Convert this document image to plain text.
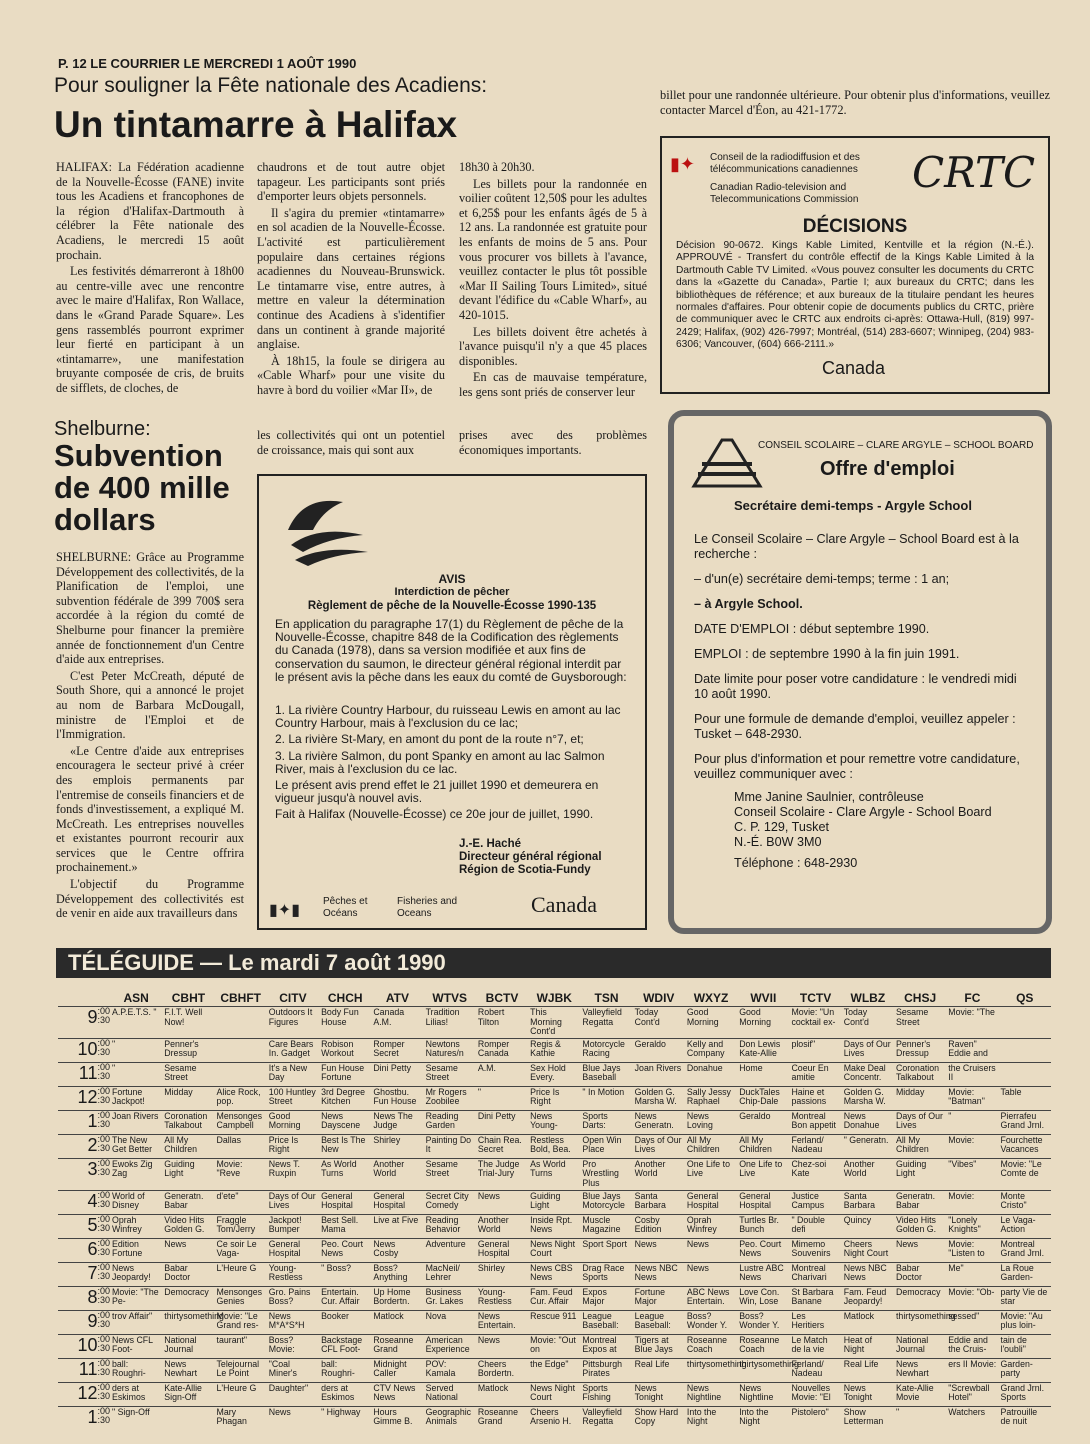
P. 12 LE COURRIER LE MERCREDI 1 AOÛT 1990
Pour souligner la Fête nationale des Acadiens:
Un tintamarre à Halifax

HALIFAX: La Fédération acadienne de la Nouvelle-Écosse (FANE) invite tous les Acadiens et francophones de la région d'Halifax-Dartmouth à célébrer la Fête nationale des Acadiens, le mercredi 15 août prochain.

Les festivités démarreront à 18h00 au centre-ville avec une rencontre avec le maire d'Halifax, Ron Wallace, dans le «Grand Parade Square». Les gens rassemblés pourront exprimer leur fierté en participant à un «tintamarre», une manifestation bruyante composée de cris, de bruits de sifflets, de cloches, de

chaudrons et de tout autre objet tapageur. Les participants sont priés d'emporter leurs objets personnels.

Il s'agira du premier «tintamarre» en sol acadien de la Nouvelle-Écosse. L'activité est particulièrement populaire dans certaines régions acadiennes du Nouveau-Brunswick. Le tintamarre vise, entre autres, à mettre en valeur la détermination continue des Acadiens à s'identifier dans un continent à grande majorité anglaise.

À 18h15, la foule se dirigera au «Cable Wharf» pour une visite du havre à bord du voilier «Mar II», de

18h30 à 20h30.

Les billets pour la randonnée en voilier coûtent 12,50$ pour les adultes et 6,25$ pour les enfants âgés de 5 à 12 ans. La randonnée est gratuite pour les enfants de moins de 5 ans. Pour vous procurer vos billets à l'avance, veuillez contacter le plus tôt possible «Mar II Sailing Tours Limited», situé devant l'édifice du «Cable Wharf», au 420-1015.

Les billets doivent être achetés à l'avance puisqu'il n'y a que 45 places disponibles.

En cas de mauvaise température, les gens sont priés de conserver leur

billet pour une randonnée ultérieure. Pour obtenir plus d'informations, veuillez contacter Marcel d'Éon, au 421-1772.
▮✦ Conseil de la radiodiffusion et des télécommunications canadiennes
Canadian Radio-television and Telecommunications Commission
CRTC
DÉCISIONS
Décision 90-0672. Kings Kable Limited, Kentville et la région (N.-É.). APPROUVÉ - Transfert du contrôle effectif de la Kings Kable Limited à la Dartmouth Cable TV Limited. «Vous pouvez consulter les documents du CRTC dans la «Gazette du Canada», Partie I; aux bureaux du CRTC; dans les bibliothèques de référence; et aux bureaux de la titulaire pendant les heures normales d'affaires. Pour obtenir copie de documents publics du CRTC, prière de communiquer avec le CRTC aux endroits ci-après: Ottawa-Hull, (819) 997-2429; Halifax, (902) 426-7997; Montréal, (514) 283-6607; Winnipeg, (204) 983-6306; Vancouver, (604) 666-2111.»
Canada
Shelburne:
Subvention
de 400 mille
dollars

SHELBURNE: Grâce au Programme Développement des collectivités, de la Planification de l'emploi, une subvention fédérale de 399 700$ sera accordée à la région du comté de Shelburne pour financer la première année de fonctionnement d'un Centre d'aide aux entreprises.

C'est Peter McCreath, député de South Shore, qui a annoncé le projet au nom de Barbara McDougall, ministre de l'Emploi et de l'Immigration.

«Le Centre d'aide aux entreprises encouragera le secteur privé à créer des emplois permanents par l'entremise de conseils financiers et de fonds d'investissement, a expliqué M. McCreath. Les entreprises nouvelles et existantes pourront recourir aux services que le Centre offrira prochainement.»

L'objectif du Programme Développement des collectivités est de venir en aide aux travailleurs dans

les collectivités qui ont un potentiel de croissance, mais qui sont aux
prises avec des problèmes économiques importants.
AVIS
Interdiction de pêcher
Règlement de pêche de la Nouvelle-Écosse 1990-135
En application du paragraphe 17(1) du Règlement de pêche de la Nouvelle-Écosse, chapitre 848 de la Codification des règlements du Canada (1978), dans sa version modifiée et aux fins de conservation du saumon, le directeur général régional interdit par le présent avis la pêche dans les eaux du comté de Guysborough:
1. La rivière Country Harbour, du ruisseau Lewis en amont au lac Country Harbour, mais à l'exclusion du ce lac;
2. La rivière St-Mary, en amont du pont de la route n°7, et;
3. La rivière Salmon, du pont Spanky en amont au lac Salmon River, mais à l'exclusion du ce lac.
Le présent avis prend effet le 21 juillet 1990 et demeurera en vigueur jusqu'à nouvel avis.
Fait à Halifax (Nouvelle-Écosse) ce 20e jour de juillet, 1990.
J.-E. Haché
Directeur général régional
Région de Scotia-Fundy
▮✦▮
Pêches et Océans
Fisheries and Oceans	Canada
CONSEIL SCOLAIRE – CLARE ARGYLE – SCHOOL BOARD
Offre d'emploi
Secrétaire demi-temps - Argyle School
Le Conseil Scolaire – Clare Argyle – School Board est à la recherche :
– d'un(e) secrétaire demi-temps; terme : 1 an;
– à Argyle School.
DATE D'EMPLOI : début septembre 1990.
EMPLOI : de septembre 1990 à la fin juin 1991.
Date limite pour poser votre candidature : le vendredi midi 10 août 1990.
Pour une formule de demande d'emploi, veuillez appeler : Tusket – 648-2930.
Pour plus d'information et pour remettre votre candidature, veuillez communiquer avec :
Mme Janine Saulnier, contrôleuse
Conseil Scolaire - Clare Argyle - School Board
C. P. 129, Tusket
N.-É. B0W 3M0
Téléphone : 648-2930
TÉLÉGUIDE — Le mardi 7 août 1990
	ASN	CBHT	CBHFT	CITV	CHCH	ATV	WTVS	BCTV	WJBK	TSN	WDIV	WXYZ	WVII	TCTV	WLBZ	CHSJ	FC	QS
9:00
:30	A.P.E.T.S. "	F.I.T. Well Now!		Outdoors It Figures	Body Fun House	Canada A.M.	Tradition Lilias!	Robert Tilton	This Morning Cont'd	Valleyfield Regatta	Today Cont'd	Good Morning	Good Morning	Movie: "Un cocktail ex-	Today Cont'd	Sesame Street	Movie: "The	
10:00
:30	"	Penner's Dressup		Care Bears In. Gadget	Robison Workout	Romper Secret	Newtons Natures/n	Romper Canada	Regis & Kathie	Motorcycle Racing	Geraldo	Kelly and Company	Don Lewis Kate-Allie	plosif"	Days of Our Lives	Penner's Dressup	Raven" Eddie and	
11:00
:30	"	Sesame Street		It's a New Day	Fun House Fortune	Dini Petty	Sesame Street	A.M.	Sex Hold Every.	Blue Jays Baseball	Joan Rivers	Donahue	Home	Coeur En amitie	Make Deal Concentr.	Coronation Talkabout	the Cruisers II	
12:00
:30	Fortune Jackpot!	Midday	Alice Rock, pop.	100 Huntley Street	3rd Degree Kitchen	Ghostbu. Fun House	Mr Rogers Zoobilee	"	Price Is Right	" In Motion	Golden G. Marsha W.	Sally Jessy Raphael	DuckTales Chip-Dale	Haine et passions	Golden G. Marsha W.	Midday	Movie: "Batman"	Table
1:00
:30	Joan Rivers	Coronation Talkabout	Mensonges Campbell	Good Morning	News Dayscene	News The Judge	Reading Garden	Dini Petty	News Young-	Sports Darts:	News Generatn.	News Loving	Geraldo	Montreal Bon appetit	News Donahue	Days of Our Lives	"	Pierrafeu Grand Jrnl.
2:00
:30	The New Get Better	All My Children	Dallas	Price Is Right	Best Is The New	Shirley	Painting Do It	Chain Rea. Secret	Restless Bold, Bea.	Open Win Place	Days of Our Lives	All My Children	All My Children	Ferland/ Nadeau	" Generatn.	All My Children	Movie:	Fourchette Vacances
3:00
:30	Ewoks Zig Zag	Guiding Light	Movie: "Reve	News T. Ruxpin	As World Turns	Another World	Sesame Street	The Judge Trial-Jury	As World Turns	Pro Wrestling Plus	Another World	One Life to Live	One Life to Live	Chez-soi Kate	Another World	Guiding Light	"Vibes"	Movie: "Le Comte de
4:00
:30	World of Disney	Generatn. Babar	d'ete"	Days of Our Lives	General Hospital	General Hospital	Secret City Comedy	News	Guiding Light	Blue Jays Motorcycle	Santa Barbara	General Hospital	General Hospital	Justice Campus	Santa Barbara	Generatn. Babar	Movie:	Monte Cristo"
5:00
:30	Oprah Winfrey	Video Hits Golden G.	Fraggle Tom/Jerry	Jackpot! Bumper	Best Sell. Mama	Live at Five	Reading Behavior	Another World	Inside Rpt. News	Muscle Magazine	Cosby Edition	Oprah Winfrey	Turtles Br. Bunch	" Double defi	Quincy	Video Hits Golden G.	"Lonely Knights"	Le Vaga- Action
6:00
:30	Edition Fortune	News	Ce soir Le Vaga-	General Hospital	Peo. Court News	News Cosby	Adventure	General Hospital	News Night Court	Sport Sport	News	News	Peo. Court News	Mimemo Souvenirs	Cheers Night Court	News	Movie: "Listen to	Montreal Grand Jrnl.
7:00
:30	News Jeopardy!	Babar Doctor	L'Heure G	Young- Restless	" Boss?	Boss? Anything	MacNeil/ Lehrer	Shirley	News CBS News	Drag Race Sports	News NBC News	News	Lustre ABC News	Montreal Charivari	News NBC News	Babar Doctor	Me"	La Roue Garden-
8:00
:30	Movie: "The Pe-	Democracy	Mensonges Genies	Gro. Pains Boss?	Entertain. Cur. Affair	Up Home Bordertn.	Business Gr. Lakes	Young- Restless	Fam. Feud Cur. Affair	Expos Major	Fortune Major	ABC News Entertain.	Love Con. Win, Lose	St Barbara Banane	Fam. Feud Jeopardy!	Democracy	Movie: "Ob-	party Vie de star
9:00
:30	trov Affair"	thirtysomething	Movie: "Le Grand res-	News M*A*S*H	Booker	Matlock	Nova	News Entertain.	Rescue 911	League Baseball:	League Baseball:	Boss? Wonder Y.	Boss? Wonder Y.	Les Heritiers	Matlock	thirtysomething	sessed"	Movie: "Au plus loin-
10:00
:30	News CFL Foot-	National Journal	taurant"	Boss? Movie:	Backstage CFL Foot-	Roseanne Grand	American Experience	News	Movie: "Out on	Montreal Expos at	Tigers at Blue Jays	Roseanne Coach	Roseanne Coach	Le Match de la vie	Heat of Night	National Journal	Eddie and the Cruis-	tain de l'oubli"
11:00
:30	ball: Roughri-	News Newhart	Telejournal Le Point	"Coal Miner's	ball: Roughri-	Midnight Caller	POV: Kamala	Cheers Bordertn.	the Edge"	Pittsburgh Pirates	Real Life	thirtysomething	thirtysomething	Ferland/ Nadeau	Real Life	News Newhart	ers II Movie:	Garden- party
12:00
:30	ders at Eskimos	Kate-Allie Sign-Off	L'Heure G	Daughter"	ders at Eskimos	CTV News News	Served National	Matlock	News Night Court	Sports Fishing	News Tonight	News Nightline	News Nightline	Nouvelles Movie: "El	News Tonight	Kate-Allie Movie	"Screwball Hotel"	Grand Jrnl. Sports
1:00
:30	" Sign-Off		Mary Phagan	News	" Highway	Hours Gimme B.	Geographic Animals	Roseanne Grand	Cheers Arsenio H.	Valleyfield Regatta	Show Hard Copy	Into the Night	Into the Night	Pistolero"	Show Letterman	"	Watchers	Patrouille de nuit
